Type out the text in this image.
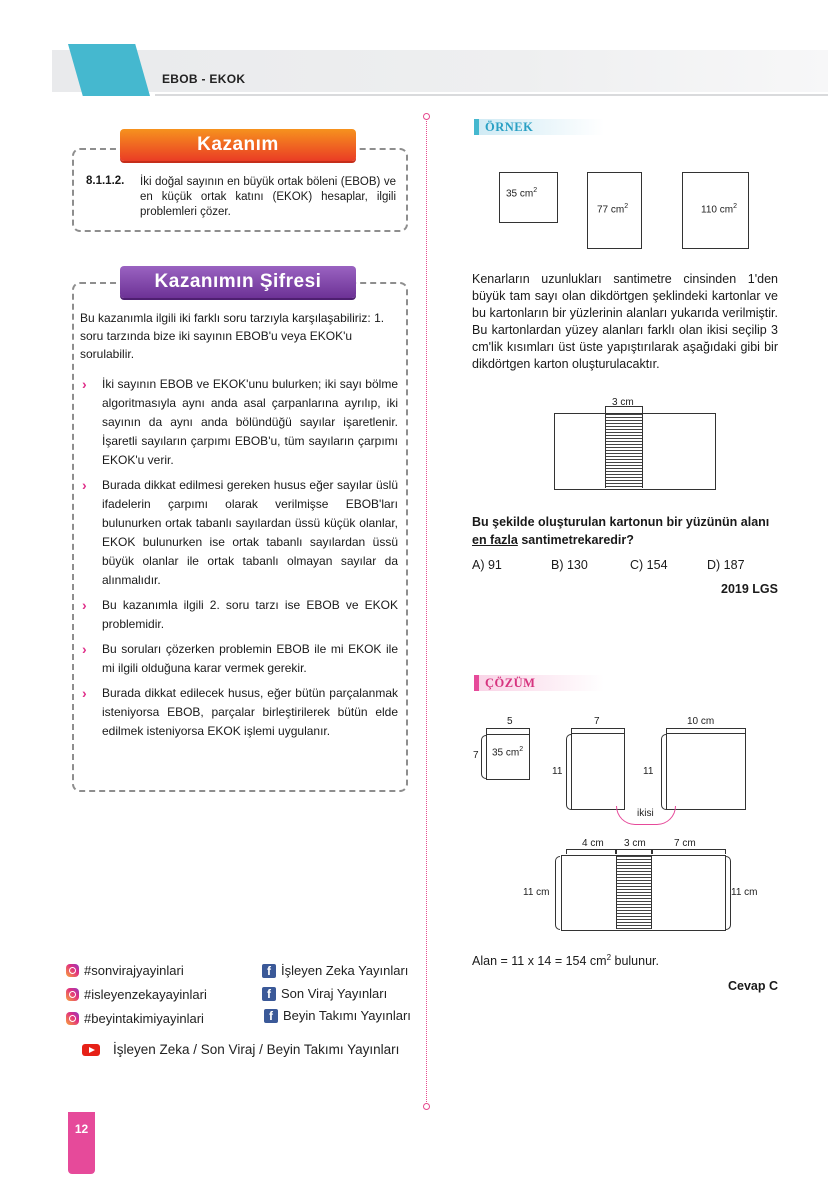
EBOB - EKOK
Kazanım
8.1.1.2. İki doğal sayının en büyük ortak böleni (EBOB) ve en küçük ortak katını (EKOK) hesaplar, ilgili problemleri çözer.
Kazanımın Şifresi
Bu kazanımla ilgili iki farklı soru tarzıyla karşılaşabiliriz: 1. soru tarzında bize iki sayının EBOB'u veya EKOK'u sorulabilir.
› İki sayının EBOB ve EKOK'unu bulurken; iki sayı bölme algoritmasıyla aynı anda asal çarpanlarına ayrılıp, iki sayının da aynı anda bölündüğü sayılar işaretlenir. İşaretli sayıların çarpımı EBOB'u, tüm sayıların çarpımı EKOK'u verir.
› Burada dikkat edilmesi gereken husus eğer sayılar üslü ifadelerin çarpımı olarak verilmişse EBOB'ları bulunurken ortak tabanlı sayılardan üssü küçük olanlar, EKOK bulunurken ise ortak tabanlı sayılardan üssü büyük olanlar ile ortak tabanlı olmayan sayılar da alınmalıdır.
› Bu kazanımla ilgili 2. soru tarzı ise EBOB ve EKOK problemidir.
› Bu soruları çözerken problemin EBOB ile mi EKOK ile mi ilgili olduğuna karar vermek gerekir.
› Burada dikkat edilecek husus, eğer bütün parçalanmak isteniyorsa EBOB, parçalar birleştirilerek bütün elde edilmek isteniyorsa EKOK işlemi uygulanır.
#sonvirajyayinlari
#isleyenzekayayinlari
#beyintakimiyayinlari
f İşleyen Zeka Yayınları
f Son Viraj Yayınları
f Beyin Takımı Yayınları
İşleyen Zeka / Son Viraj / Beyin Takımı Yayınları
12
ÖRNEK
35 $cm^2$
77 $cm^2$	110 $cm^2$
Kenarların uzunlukları santimetre cinsinden 1'den büyük tam sayı olan dikdörtgen şeklindeki kartonlar ve bu kartonların bir yüzlerinin alanları yukarıda verilmiştir. Bu kartonlardan yüzey alanları farklı olan ikisi seçilip 3 cm'lik kısımları üst üste yapıştırılarak aşağıdaki gibi bir dikdörtgen karton oluşturulacaktır.
3 cm
Bu şekilde oluşturulan kartonun bir yüzünün alanı en fazla santimetrekaredir?
A) 91	B) 130	C) 154	D) 187
2019 LGS
ÇÖZÜM
5
7 35 $cm^2$
7
11
10 cm
11
ikisi
4 cm 3 cm	7 cm
11 cm	11 cm
Alan = 11 x 14 = 154 $cm^2$ bulunur.
Cevap C
